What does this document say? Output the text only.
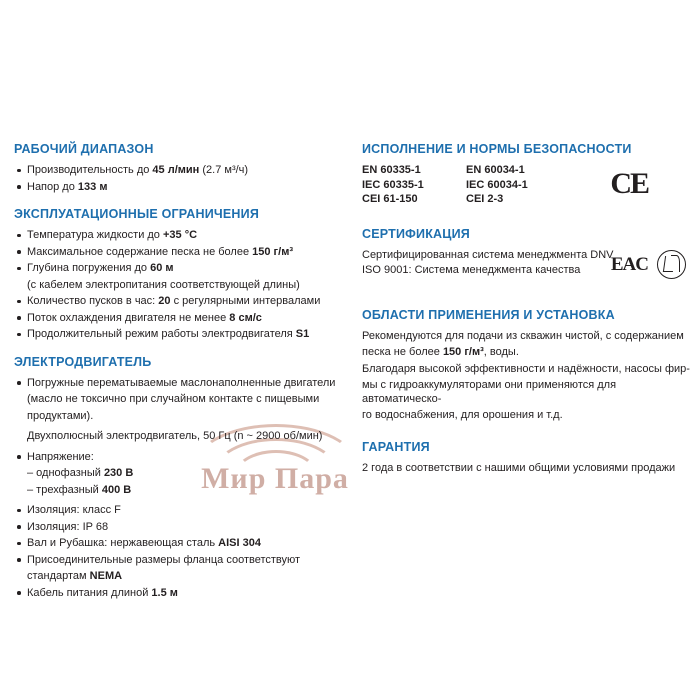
Мир Пара
РАБОЧИЙ ДИАПАЗОН
Производительность до 45 л/мин (2.7 м³/ч)
Напор до 133 м
ЭКСПЛУАТАЦИОННЫЕ ОГРАНИЧЕНИЯ
Температура жидкости до +35 °C
Максимальное содержание песка не более 150 г/м³
Глубина погружения до 60 м
(с кабелем электропитания соответствующей длины)
Количество пусков в час: 20 с регулярными интервалами
Поток охлаждения двигателя не менее 8 см/с
Продолжительный режим работы электродвигателя S1
ЭЛЕКТРОДВИГАТЕЛЬ
Погружные перематываемые маслонаполненные двигатели
(масло не токсично при случайном контакте с пищевыми
продуктами).
Двухполюсный электродвигатель, 50 Гц (n ~ 2900 об/мин)
Напряжение:
– однофазный 230 В
– трехфазный 400 В
Изоляция: класс F
Изоляция: IP 68
Вал и Рубашка: нержавеющая сталь AISI 304
Присоединительные размеры фланца соответствуют
стандартам NEMA
Кабель питания длиной 1.5 м
ИСПОЛНЕНИЕ И НОРМЫ БЕЗОПАСНОСТИ
EN 60335-1
IEC 60335-1
CEI 61-150
EN 60034-1
IEC 60034-1
CEI 2-3	CE
СЕРТИФИКАЦИЯ
Сертифицированная система менеджмента DNV
ISO 9001: Система менеджмента качества	EAC
ОБЛАСТИ ПРИМЕНЕНИЯ И УСТАНОВКА

Рекомендуются для подачи из скважин чистой, с содержанием

песка не более 150 г/м³, воды.

Благодаря высокой эффективности и надёжности, насосы фир-

мы с гидроаккумуляторами они применяются для автоматическо-

го водоснабжения, для орошения и т.д.

ГАРАНТИЯ

2 года в соответствии с нашими общими условиями продажи
